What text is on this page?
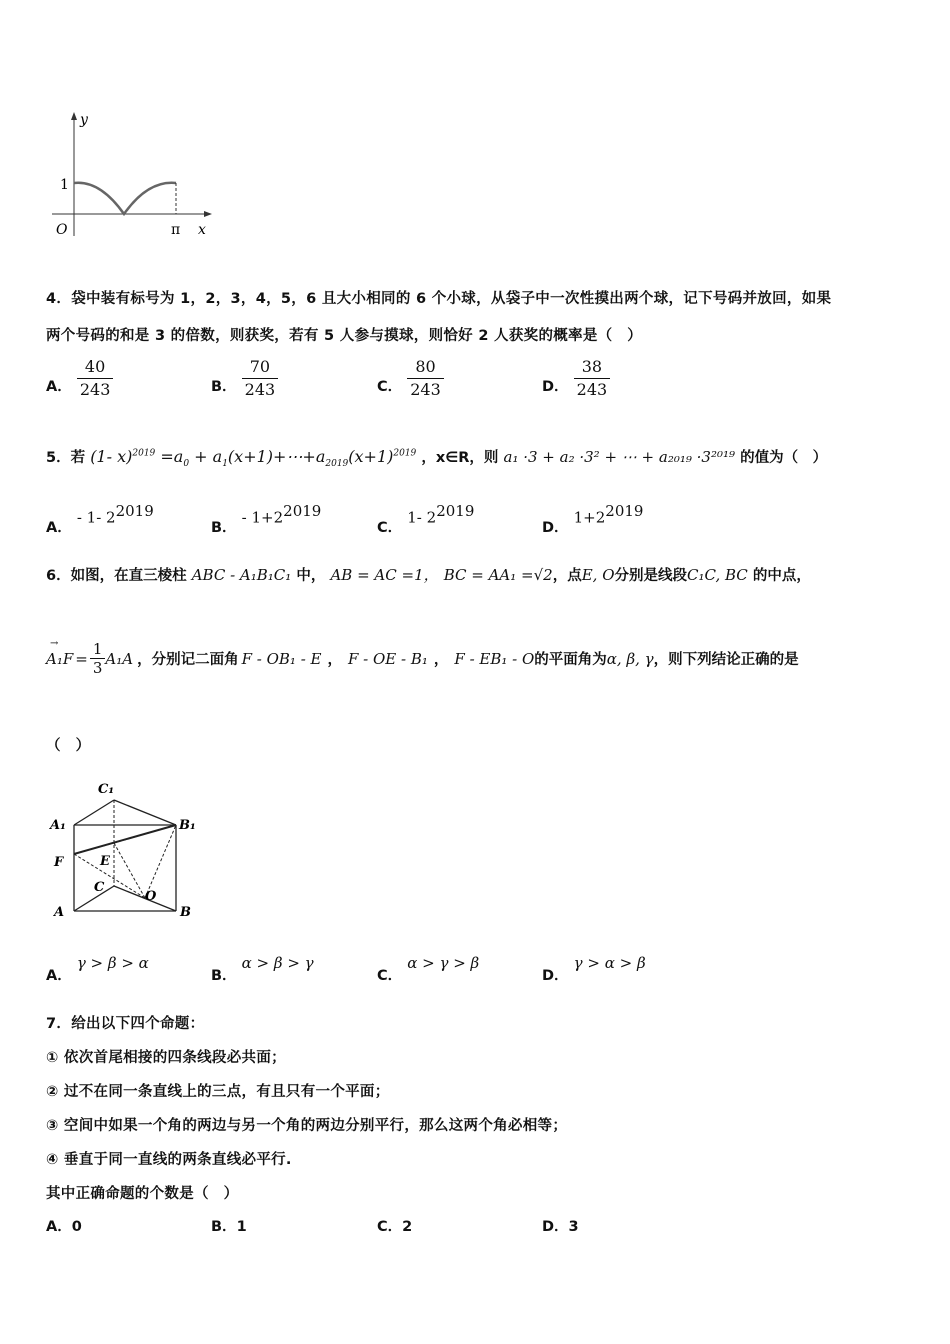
y
1
O	π x
4．袋中装有标号为 1，2，3，4，5，6 且大小相同的 6 个小球，从袋子中一次性摸出两个球，记下号码并放回，如果
两个号码的和是 3 的倍数，则获奖，若有 5 人参与摸球，则恰好 2 人获奖的概率是（　）
A． $\frac{40}{243}$	B． $\frac{70}{243}$	C． $\frac{80}{243}$	D． $\frac{38}{243}$
5．若 (1- $x)^{2019} =a_0$ + $a_1(x+1)+\cdots+a_{2019}(x+1)^{2019}$ ，x∈R，则 a₁ ·3 + a₂ ·3² + ⋯ + a₂₀₁₉ ·3²⁰¹⁹ 的值为（　）
A． - 1- $2^{2019}$
B． - $1+2^{2019}$
C． 1- $2^{2019}$
D． $1+2^{2019}$
6．如图，在直三棱柱 ABC - A₁B₁C₁ 中， AB = AC =1， BC = AA₁ =√2，点E, O分别是线段C₁C, BC 的中点，
A₁F
→
= $\frac{1}{3} A_1A$ ，分别记二面角 F - OB₁ - E ， F - OE - B₁ ， F - EB₁ - O 的平面角为 α, β, γ ，则下列结论正确的是
（　）
C₁
A₁	B₁
F	E
C
O
A	B
A． γ > β > α
B． α > β > γ
C． α > γ > β
D． γ > α > β
7．给出以下四个命题：
① 依次首尾相接的四条线段必共面；
② 过不在同一条直线上的三点，有且只有一个平面；
③ 空间中如果一个角的两边与另一个角的两边分别平行，那么这两个角必相等；
④ 垂直于同一直线的两条直线必平行.
其中正确命题的个数是（　）
A．0	B．1	C．2	D．3
